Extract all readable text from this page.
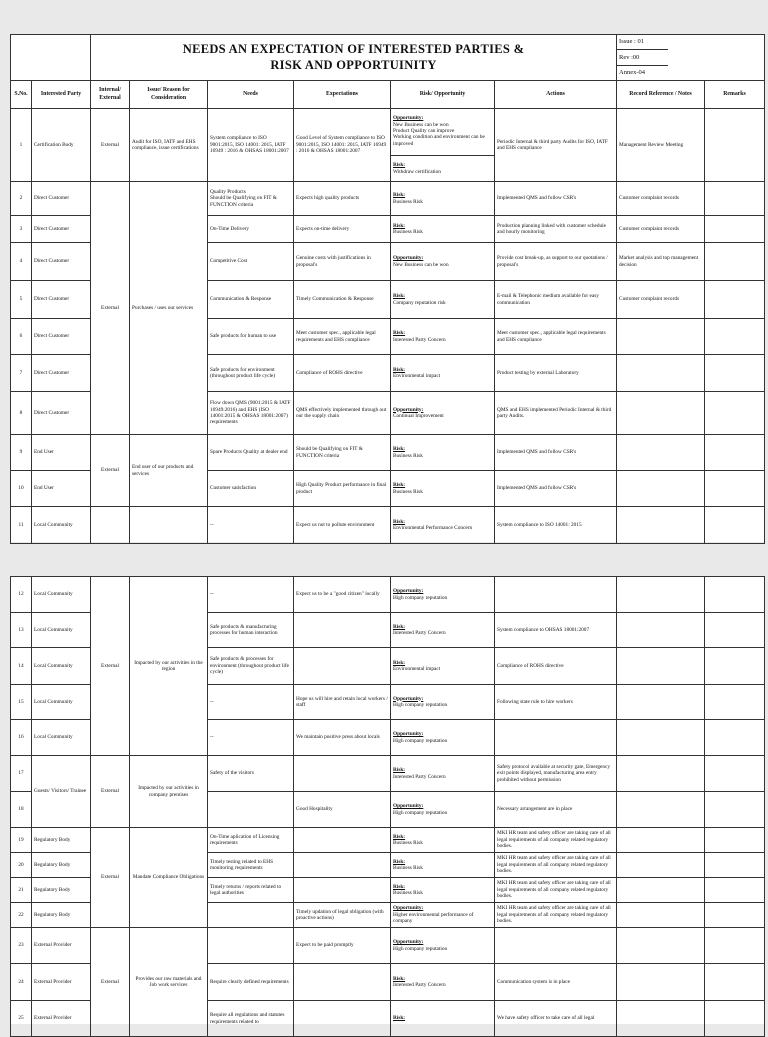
NEEDS AN EXPECTATION OF INTERESTED PARTIES &
RISK AND OPPORTUINITY

Issue : 01	
Rev :00	
Annex-04	

S.No.	Interested Party	Internal/ External	Issue/ Reason for Consideration	Needs	Expectations	Risk/ Opportunity	Actions	Record Reference / Notes	Remarks
1	Certification Body	External	Audit for ISO, IATF and EHS compliance, issue certifications	System compliance to ISO 9001:2015, ISO 14001: 2015, IATF 16949 : 2016 & OHSAS 18001:2007	Good Level of System compliance to ISO 9001:2015, ISO 14001: 2015, IATF 16949 : 2016 & OHSAS 18001:2007	
Opportunity:
New Business can be won
Product Quality can improve
Working condition and environment can be improved
Risk:
Withdraw certification
	Periodic Internal & third party Audits for ISO, IATF and EHS compliance	Management Review Meeting	
2	Direct Customer	External	Purchases / uses our services	Quality Products
Should be Qualifying on FIT & FUNCTION criteria	Expects high quality products	
Risk:
Business Risk
	Implemented QMS and follow CSR's	Customer complaint records	
3	Direct Customer	On-Time Delivery	Expects on-time delivery	
Risk:
Business Risk
	Production planning linked with customer schedule and hourly monitoring	Customer complaint records	
4	Direct Customer	Competitive Cost	Genuine costs with justifications in proposal's	
Opportunity:
New Business can be won
	Provide cost break-up, as support to our quotations / proposal's	Market analysis and top management decision	
5	Direct Customer	Communication & Response	Timely Communication & Response	
Risk:
Company reputation risk
	E-mail & Telephonic medium available for easy communication	Customer complaint records	
6	Direct Customer	Safe products for human to use	Meet customer spec., applicable legal requirements and EHS compliance	
Risk:
Interested Party Concern
	Meet customer spec., applicable legal requirements and EHS compliance		
7	Direct Customer	Safe products for environment (throughout product life cycle)	Compliance of ROHS directive	
Risk:
Environmental impact
	Product testing by external Laboratory		
8	Direct Customer	Flow down QMS (9001:2015 & IATF 16949:2016) and EHS (ISO 14001:2015 & OHSAS 18001:2007) requirements	QMS effectively implemented through out our the supply chain	
Opportunity:
Continual Improvement
	QMS and EHS implemented Periodic Internal & third party Audits.		
9	End User	External	End user of our products and services	Spare Products Quality at dealer end	Should be Qualifying on FIT & FUNCTION criteria	
Risk:
Business Risk
	Implemented QMS and follow CSR's		
10	End User	Customer satisfaction	High Quality Product performance in final product	
Risk:
Business Risk
	Implemented QMS and follow CSR's		
11	Local Community			--	Expect us not to pollute environment	
Risk:
Environmental Performance Concern
	System compliance to ISO 14001: 2015		
12	Local Community	External	Impacted by our activities in the region	--	Expect us to be a "good citizen" locally	Opportunity:
High company reputation			

13	Local Community			Safe products & manufacturing processes for human interaction		Risk:
Interested Party Concern	System compliance to OHSAS 18001:2007		
14	Local Community			Safe products & processes for environment (throughout product life cycle)		Risk:
Environmental impact	Compliance of ROHS directive		
15	Local Community			--	Hope us will hire and retain local workers / staff	Opportunity:
High company reputation	Following state rule to hire workers		
16	Local Community			--	We maintain positive press about locals	Opportunity:
High company reputation			

17	Guests/ Visitors/ Trainee	External	Impacted by our activities in company premises	Safety of the visitors		Risk:
Interested Party Concern	Safety protocol available at security gate, Emergency exit points displayed, manufacturing area entry prohibited without permission		
18					Good Hospitality	Opportunity:
High company reputation	Necessary arrangement are in place		
19	Regulatory Body	External	Mandate Compliance Obligations	On-Time aplication of Licensing requirements		Risk:
Business Risk	MKI HR team and safety officer are taking care of all legal requirements of all company related regulatory bodies.		
20	Regulatory Body			Timely testing related to EHS monitoring requirements		Risk:
Business Risk	MKI HR team and safety officer are taking care of all legal requirements of all company related regulatory bodies.		
21	Regulatory Body			Timely returns / reports related to legal authorities		Risk:
Business Risk	MKI HR team and safety officer are taking care of all legal requirements of all company related regulatory bodies.		
22	Regulatory Body				Timely updation of legal obligation (with proactive actions)	Opportunity:
Higher environmental performance of company	MKI HR team and safety officer are taking care of all legal requirements of all company related regulatory bodies.		
23	External Provider	External	Provides our raw materials and Job work services		Expect to be paid promptly	Opportunity:
High company reputation			

24	External Provider			Require clearly defined requirements		Risk:
Interested Party Concern	Communication system is in place		
25	External Provider			Require all regulations and statutes requirements related to		Risk:	We have safety officer to take care of all legal		
